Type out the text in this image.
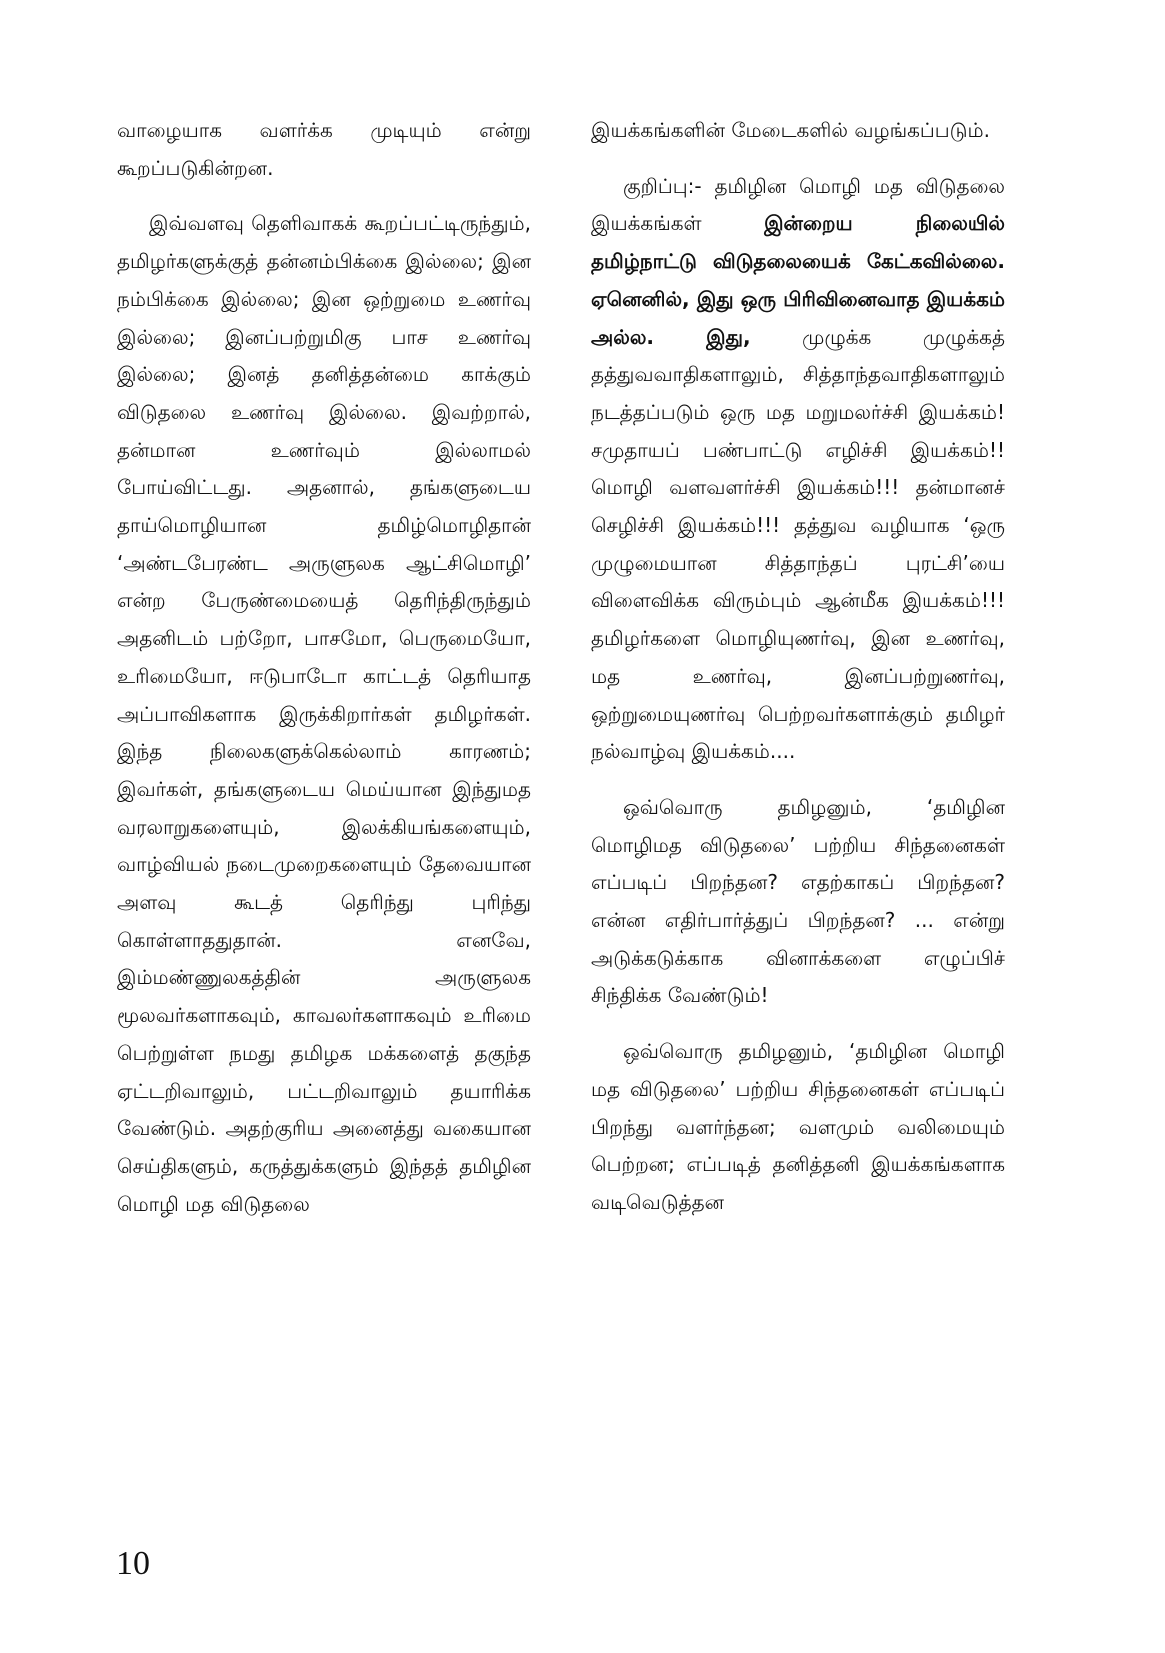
வாழையாக வளர்க்க முடியும் என்று கூறப்படுகின்றன.

இவ்வளவு தெளிவாகக் கூறப்பட்டிருந்தும், தமிழர்களுக்குத் தன்னம்பிக்கை இல்லை; இன நம்பிக்கை இல்லை; இன ஒற்றுமை உணர்வு இல்லை; இனப்பற்றுமிகு பாச உணர்வு இல்லை; இனத் தனித்தன்மை காக்கும் விடுதலை உணர்வு இல்லை. இவற்றால், தன்மான உணர்வும் இல்லாமல் போய்விட்டது. அதனால், தங்களுடைய தாய்மொழியான தமிழ்மொழிதான் ‘அண்டபேரண்ட அருளுலக ஆட்சிமொழி’ என்ற பேருண்மையைத் தெரிந்திருந்தும் அதனிடம் பற்றோ, பாசமோ, பெருமையோ, உரிமையோ, ஈடுபாடோ காட்டத் தெரியாத அப்பாவிகளாக இருக்கிறார்கள் தமிழர்கள். இந்த நிலைகளுக்கெல்லாம் காரணம்; இவர்கள், தங்களுடைய மெய்யான இந்துமத வரலாறுகளையும், இலக்கியங்களையும், வாழ்வியல் நடைமுறைகளையும் தேவையான அளவு கூடத் தெரிந்து புரிந்து கொள்ளாததுதான். எனவே, இம்மண்ணுலகத்தின் அருளுலக மூலவர்களாகவும், காவலர்களாகவும் உரிமை பெற்றுள்ள நமது தமிழக மக்களைத் தகுந்த ஏட்டறிவாலும், பட்டறிவாலும் தயாரிக்க வேண்டும். அதற்குரிய அனைத்து வகையான செய்திகளும், கருத்துக்களும் இந்தத் தமிழின மொழி மத விடுதலை

இயக்கங்களின் மேடைகளில் வழங்கப்படும்.

குறிப்பு:- தமிழின மொழி மத விடுதலை இயக்கங்கள் இன்றைய நிலையில் தமிழ்நாட்டு விடுதலையைக் கேட்கவில்லை. ஏனெனில், இது ஒரு பிரிவினைவாத இயக்கம் அல்ல. இது, முழுக்க முழுக்கத் தத்துவவாதிகளாலும், சித்தாந்தவாதிகளாலும் நடத்தப்படும் ஒரு மத மறுமலர்ச்சி இயக்கம்! சமுதாயப் பண்பாட்டு எழிச்சி இயக்கம்!! மொழி வளவளர்ச்சி இயக்கம்!!! தன்மானச் செழிச்சி இயக்கம்!!! தத்துவ வழியாக ‘ஒரு முழுமையான சித்தாந்தப் புரட்சி’யை விளைவிக்க விரும்பும் ஆன்மீக இயக்கம்!!! தமிழர்களை மொழியுணர்வு, இன உணர்வு, மத உணர்வு, இனப்பற்றுணர்வு, ஒற்றுமையுணர்வு பெற்றவர்களாக்கும் தமிழர் நல்வாழ்வு இயக்கம்....

ஒவ்வொரு தமிழனும், ‘தமிழின மொழிமத விடுதலை’ பற்றிய சிந்தனைகள் எப்படிப் பிறந்தன? எதற்காகப் பிறந்தன? என்ன எதிர்பார்த்துப் பிறந்தன? ... என்று அடுக்கடுக்காக வினாக்களை எழுப்பிச் சிந்திக்க வேண்டும்!

ஒவ்வொரு தமிழனும், ‘தமிழின மொழி மத விடுதலை’ பற்றிய சிந்தனைகள் எப்படிப் பிறந்து வளர்ந்தன; வளமும் வலிமையும் பெற்றன; எப்படித் தனித்தனி இயக்கங்களாக வடிவெடுத்தன

10
